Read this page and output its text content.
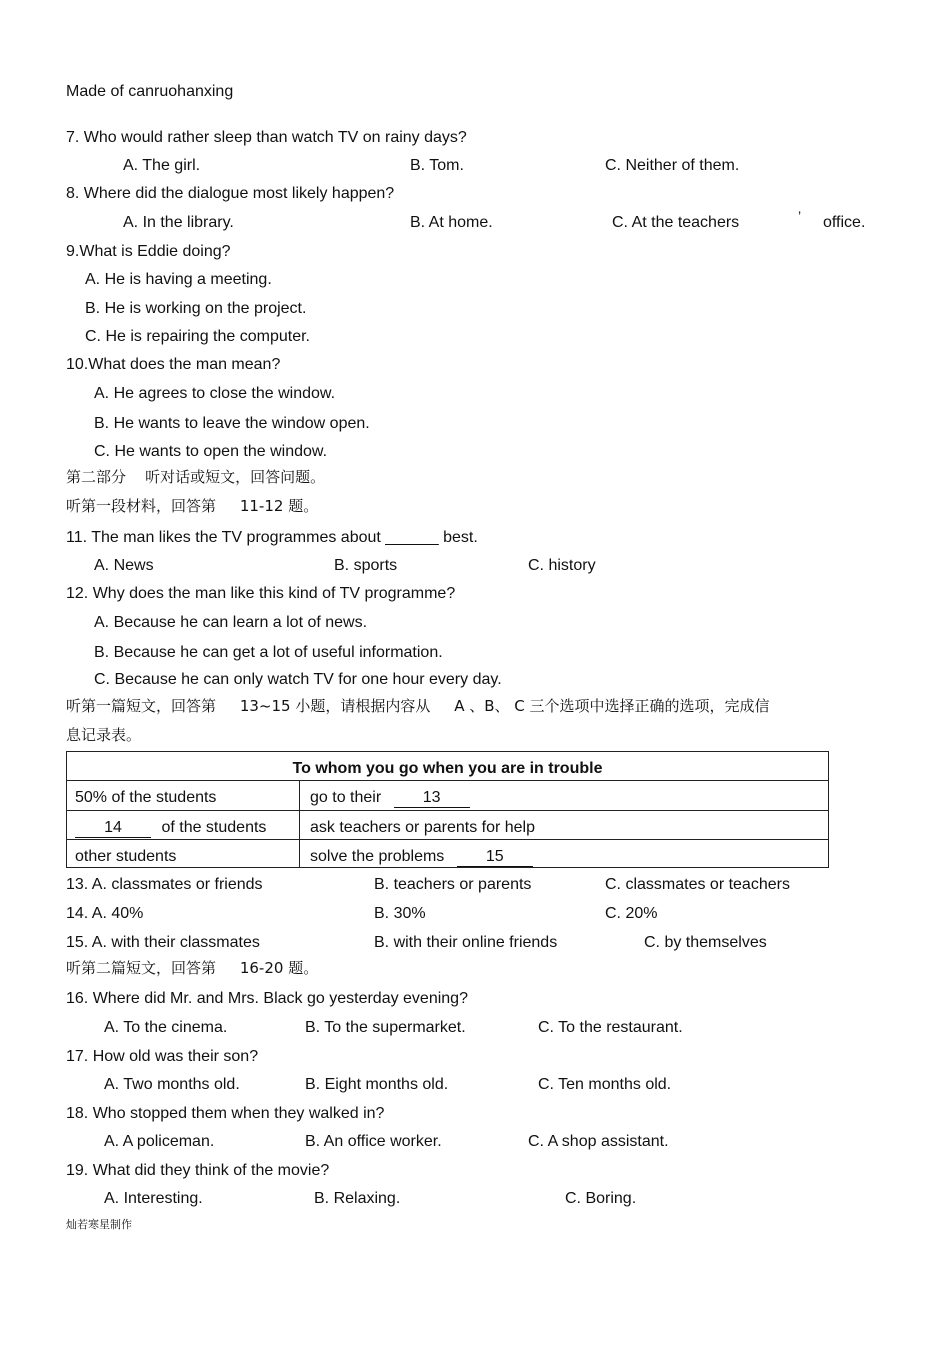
Made of canruohanxing
7. Who would rather sleep than watch TV on rainy days?
A. The girl.	B. Tom.	C. Neither of them.
8. Where did the dialogue most likely happen?
A. In the library.	B. At home.	C. At the teachers	’ office.
9.What is Eddie doing?
A. He is having a meeting.
B. He is working on the project.
C. He is repairing the computer.
10.What does the man mean?
A. He agrees to close the window.
B. He wants to leave the window open.
C. He wants to open the window.
第二部分    听对话或短文，回答问题。
听第一段材料，回答第     11-12 题。
11. The man likes the TV programmes about ______ best.
A. News	B. sports	C. history
12. Why does the man like this kind of TV programme?
A. Because he can learn a lot of news.
B. Because he can get a lot of useful information.
C. Because he can only watch TV for one hour every day.
听第一篇短文，回答第     13~15 小题，请根据内容从     A 、B、 C 三个选项中选择正确的选项，完成信
息记录表。
To whom you go when you are in trouble
50% of the students	go to their	13
14 of the students	ask teachers or parents for help
other students	solve the problems	15
13. A. classmates or friends	B. teachers or parents	C. classmates or teachers
14. A. 40%	B. 30%	C. 20%
15. A. with their classmates	B. with their online friends	C. by themselves
听第二篇短文，回答第     16-20 题。
16. Where did Mr. and Mrs. Black go yesterday evening?
A. To the cinema.	B. To the supermarket.	C. To the restaurant.
17. How old was their son?
A. Two months old.	B. Eight months old.	C. Ten months old.
18. Who stopped them when they walked in?
A. A policeman.	B. An office worker.	C. A shop assistant.
19. What did they think of the movie?
A. Interesting.	B. Relaxing.	C. Boring.
灿若寒星制作
